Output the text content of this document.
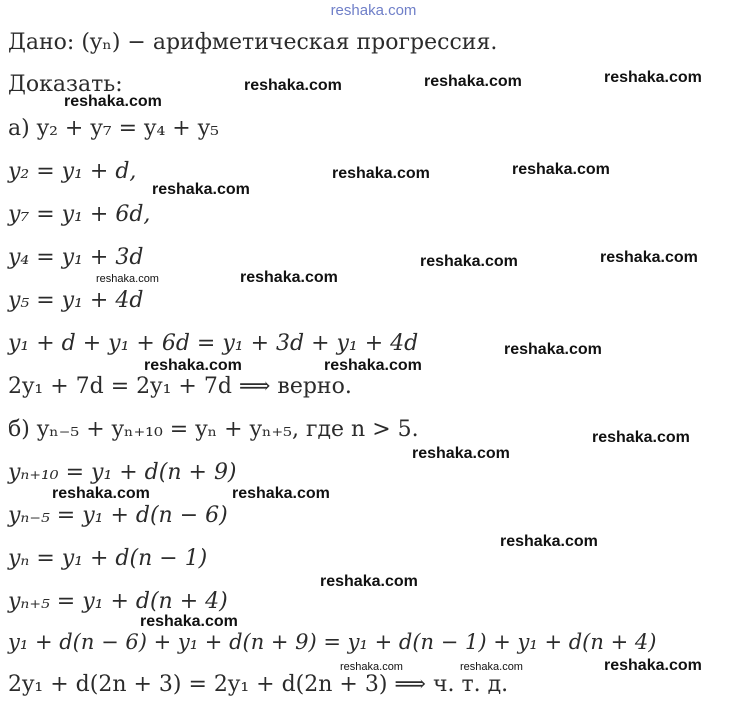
reshaka.com
Дано: (yₙ) − арифметическая прогрессия.
Доказать:
а) y₂ + y₇ = y₄ + y₅
y₂ = y₁ + d,
y₇ = y₁ + 6d,
y₄ = y₁ + 3d
y₅ = y₁ + 4d
y₁ + d + y₁ + 6d = y₁ + 3d + y₁ + 4d
2y₁ + 7d = 2y₁ + 7d ⟹ верно.
б) yₙ₋₅ + yₙ₊₁₀ = yₙ + yₙ₊₅, где n > 5.
yₙ₊₁₀ = y₁ + d(n + 9)
yₙ₋₅ = y₁ + d(n − 6)
yₙ = y₁ + d(n − 1)
yₙ₊₅ = y₁ + d(n + 4)
y₁ + d(n − 6) + y₁ + d(n + 9) = y₁ + d(n − 1) + y₁ + d(n + 4)
2y₁ + d(2n + 3) = 2y₁ + d(2n + 3) ⟹ ч. т. д.
reshaka.com	reshaka.com	reshaka.com
reshaka.com
reshaka.com
reshaka.com	reshaka.com
reshaka.com
reshaka.com	reshaka.com
reshaka.com
reshaka.com	reshaka.com
reshaka.com
reshaka.com
reshaka.com
reshaka.com	reshaka.com
reshaka.com
reshaka.com
reshaka.com
reshaka.com	reshaka.com	reshaka.com
